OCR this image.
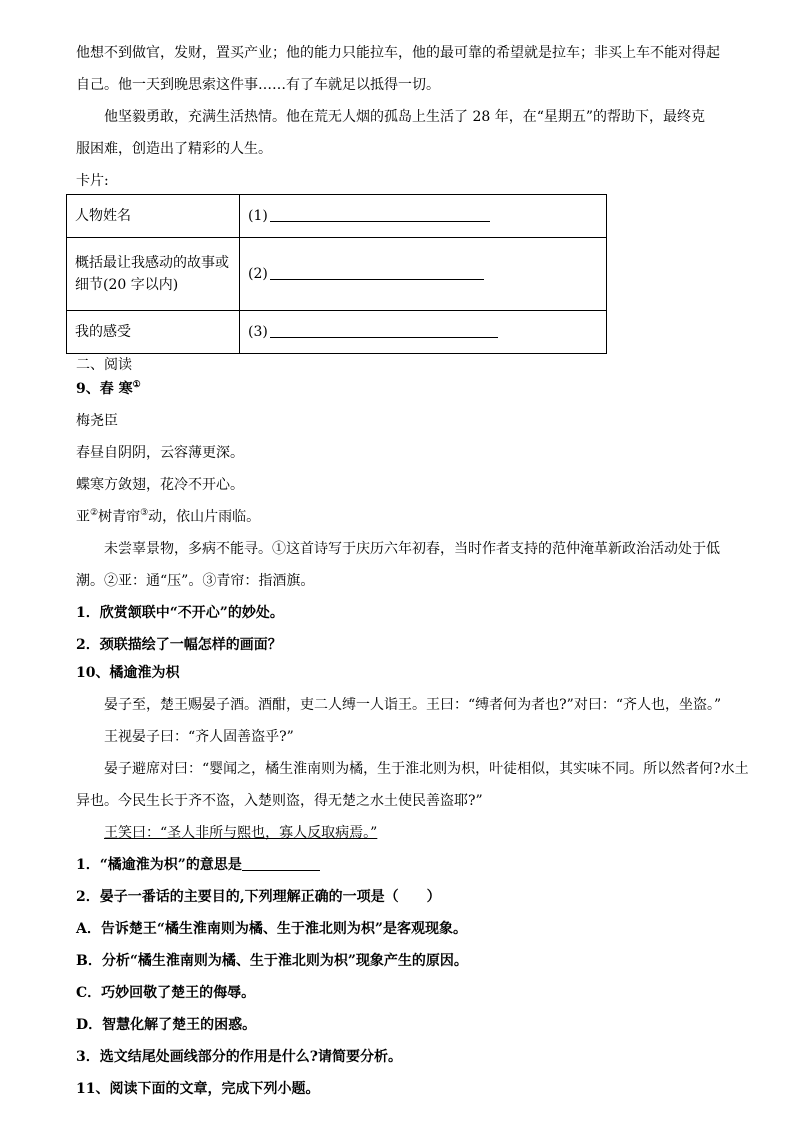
他想不到做官，发财，置买产业；他的能力只能拉车，他的最可靠的希望就是拉车；非买上车不能对得起
自己。他一天到晚思索这件事……有了车就足以抵得一切。
他坚毅勇敢，充满生活热情。他在荒无人烟的孤岛上生活了 28 年，在“星期五”的帮助下，最终克
服困难，创造出了精彩的人生。
卡片:
人物姓名	(1)

概括最让我感动的故事或
细节(20 字以内)	(2)
我的感受	(3)
二、阅读
9、春 寒①
梅尧臣
春昼自阴阴，云容薄更深。
蝶寒方敛翅，花冷不开心。
亚②树青帘③动，依山片雨临。
未尝辜景物，多病不能寻。①这首诗写于庆历六年初春，当时作者支持的范仲淹革新政治活动处于低
潮。②亚：通“压”。③青帘：指酒旗。
1．欣赏颔联中“不开心”的妙处。
2．颈联描绘了一幅怎样的画面？
10、橘逾淮为枳
晏子至，楚王赐晏子酒。酒酣，吏二人缚一人诣王。王曰：“缚者何为者也?”对曰：“齐人也，坐盗。”
王视晏子曰：“齐人固善盗乎?”
晏子避席对曰：“婴闻之，橘生淮南则为橘，生于淮北则为枳，叶徒相似，其实味不同。所以然者何?水土
异也。今民生长于齐不盗，入楚则盗，得无楚之水土使民善盗耶?”
王笑曰：“圣人非所与熙也，寡人反取病焉。”
1．“橘逾淮为枳”的意思是
2．晏子一番话的主要目的,下列理解正确的一项是（　　）
A．告诉楚王“橘生淮南则为橘、生于淮北则为枳”是客观现象。
B．分析“橘生淮南则为橘、生于淮北则为枳”现象产生的原因。
C．巧妙回敬了楚王的侮辱。
D．智慧化解了楚王的困惑。
3．选文结尾处画线部分的作用是什么?请简要分析。
11、阅读下面的文章，完成下列小题。
